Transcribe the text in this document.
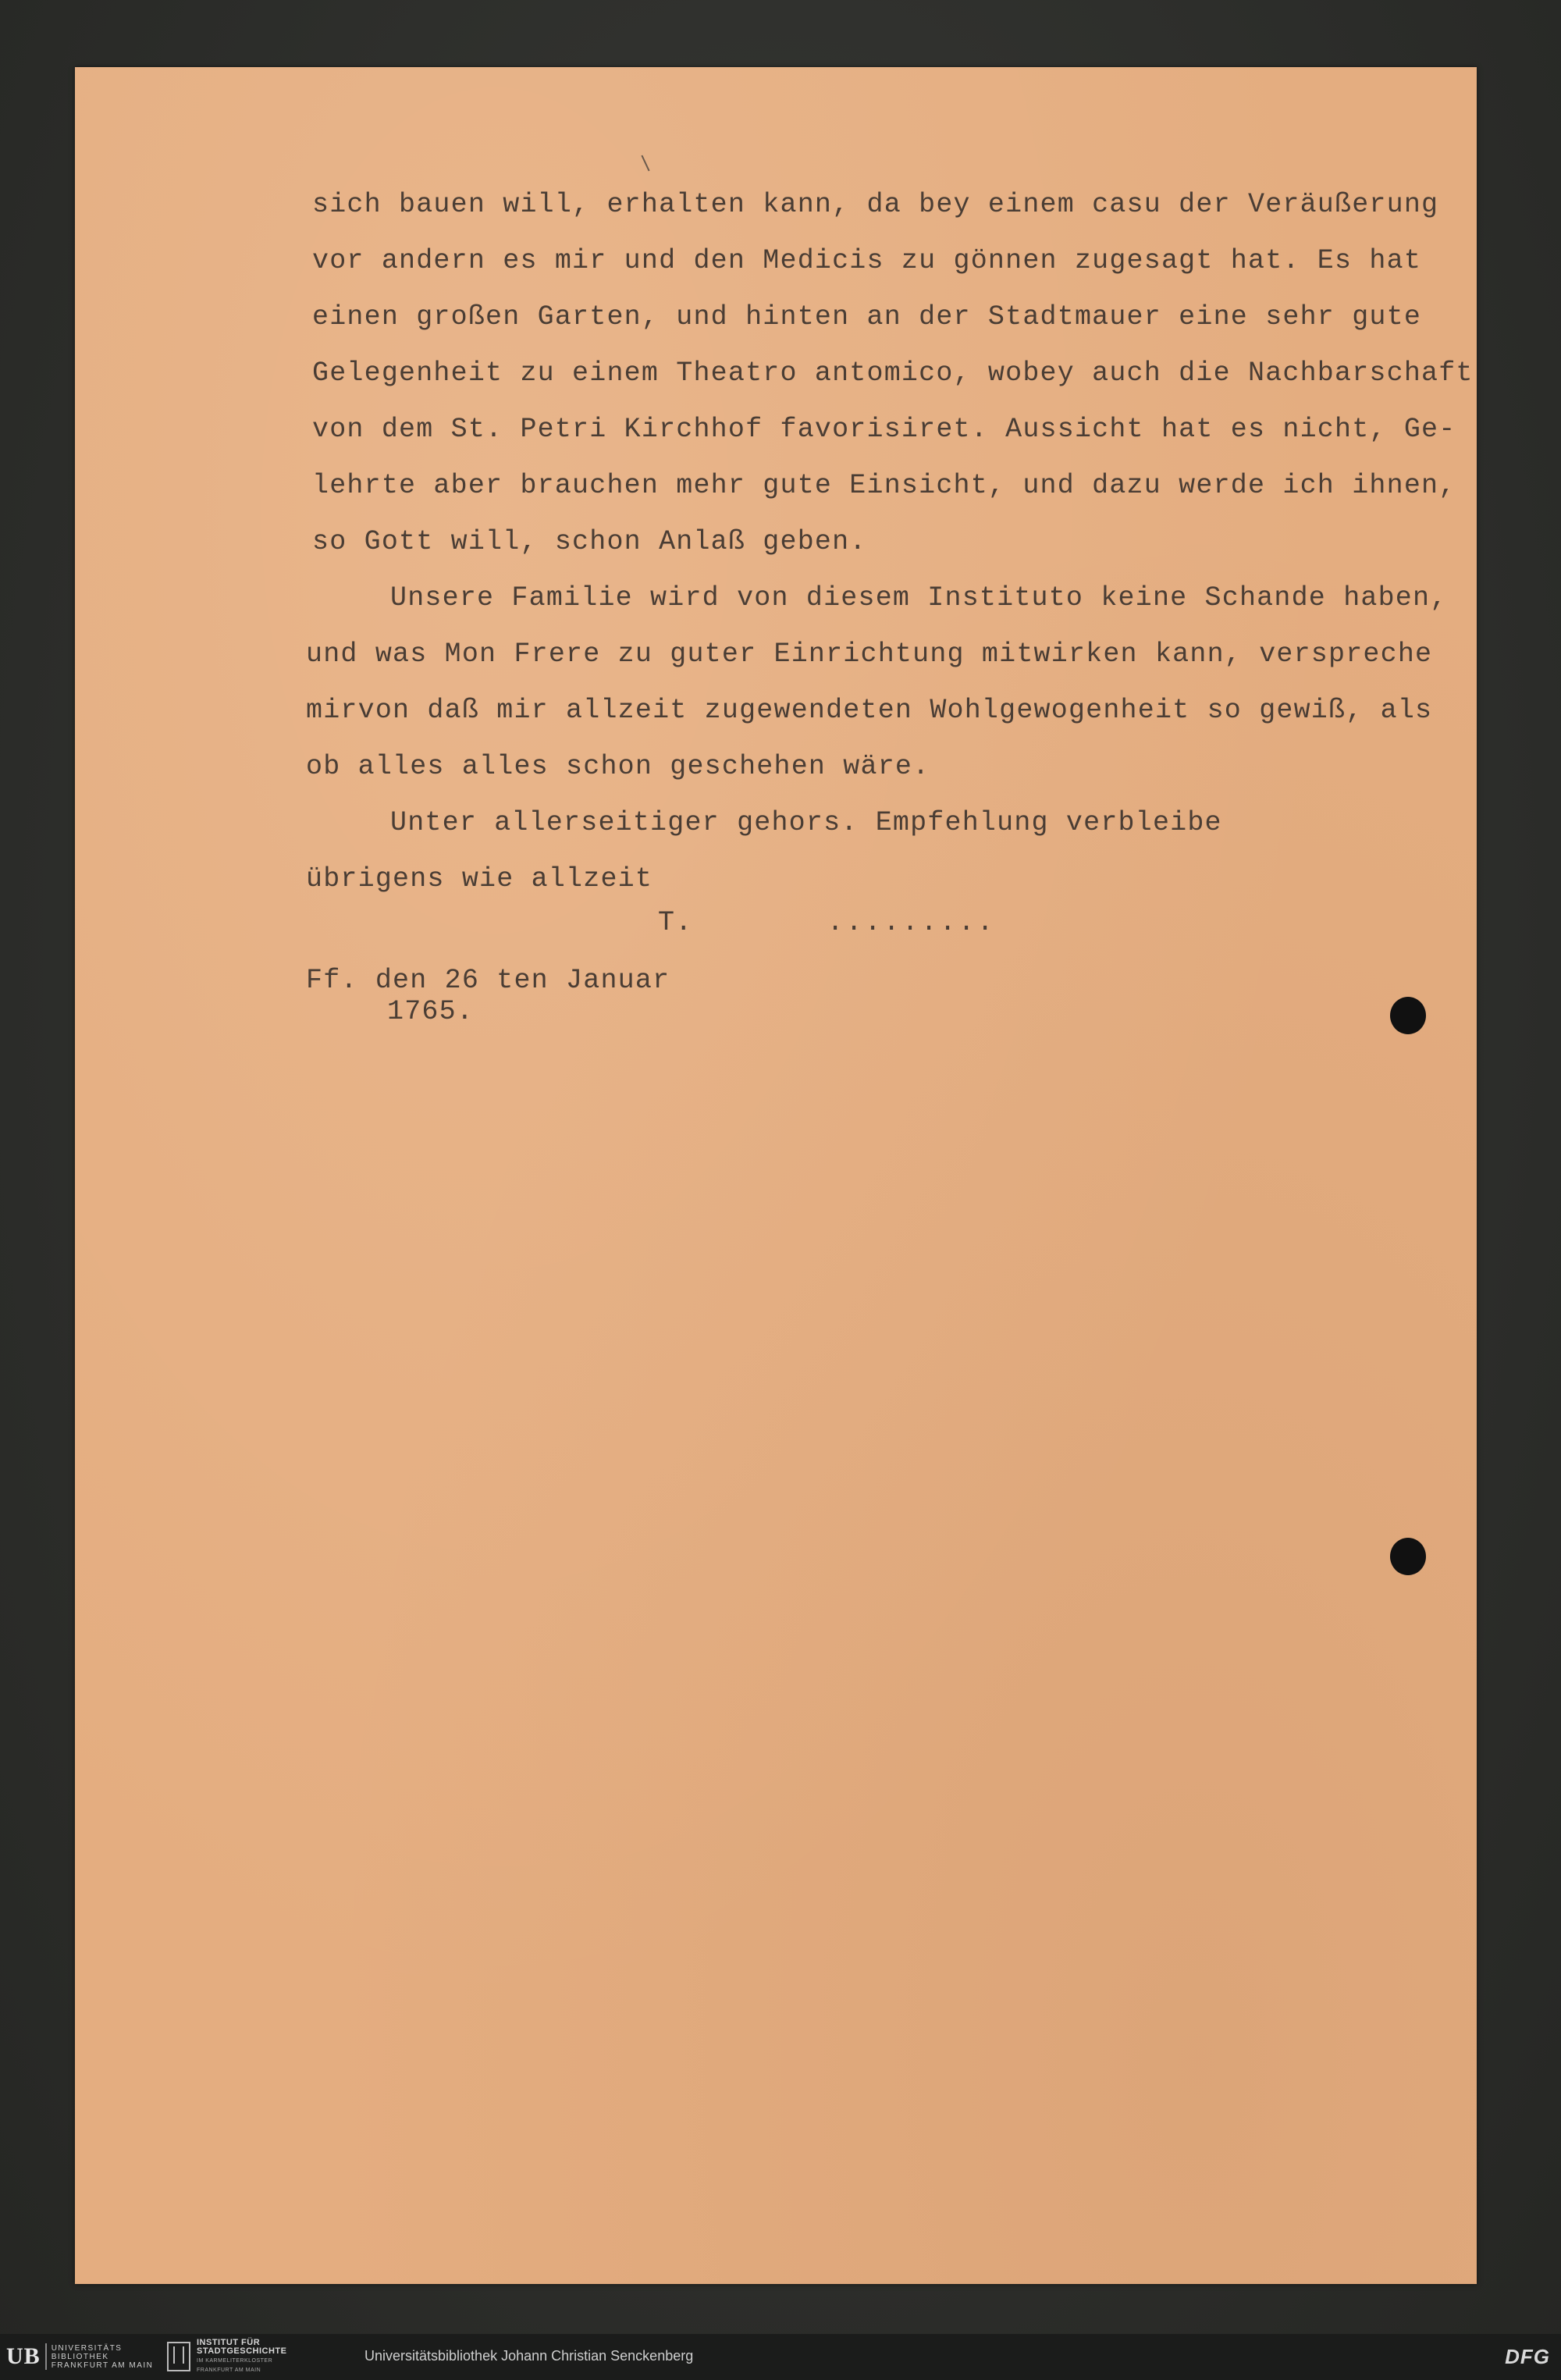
sich bauen will, erhalten kann, da bey einem casu der Veräußerung
vor andern es mir und den Medicis zu gönnen zugesagt hat. Es hat
einen großen Garten, und hinten an der Stadtmauer eine sehr gute
Gelegenheit zu einem Theatro antomico, wobey auch die Nachbarschaft
von dem St. Petri Kirchhof favorisiret. Aussicht hat es nicht, Ge-
lehrte aber brauchen mehr gute Einsicht, und dazu werde ich ihnen,
so Gott will, schon Anlaß geben.
Unsere Familie wird von diesem Instituto keine Schande haben,
und was Mon Frere zu guter Einrichtung mitwirken kann, verspreche
mirvon daß mir allzeit zugewendeten Wohlgewogenheit so gewiß, als
ob alles alles schon geschehen wäre.
Unter allerseitiger gehors. Empfehlung verbleibe
übrigens wie allzeit
T.	.........
Ff. den 26 ten Januar
1765.
UB	UNIVERSITÄTS
BIBLIOTHEK
FRANKFURT AM MAIN
INSTITUT FÜR
STADTGESCHICHTE
IM KARMELITERKLOSTER
FRANKFURT AM MAIN
Universitätsbibliothek Johann Christian Senckenberg	DFG
